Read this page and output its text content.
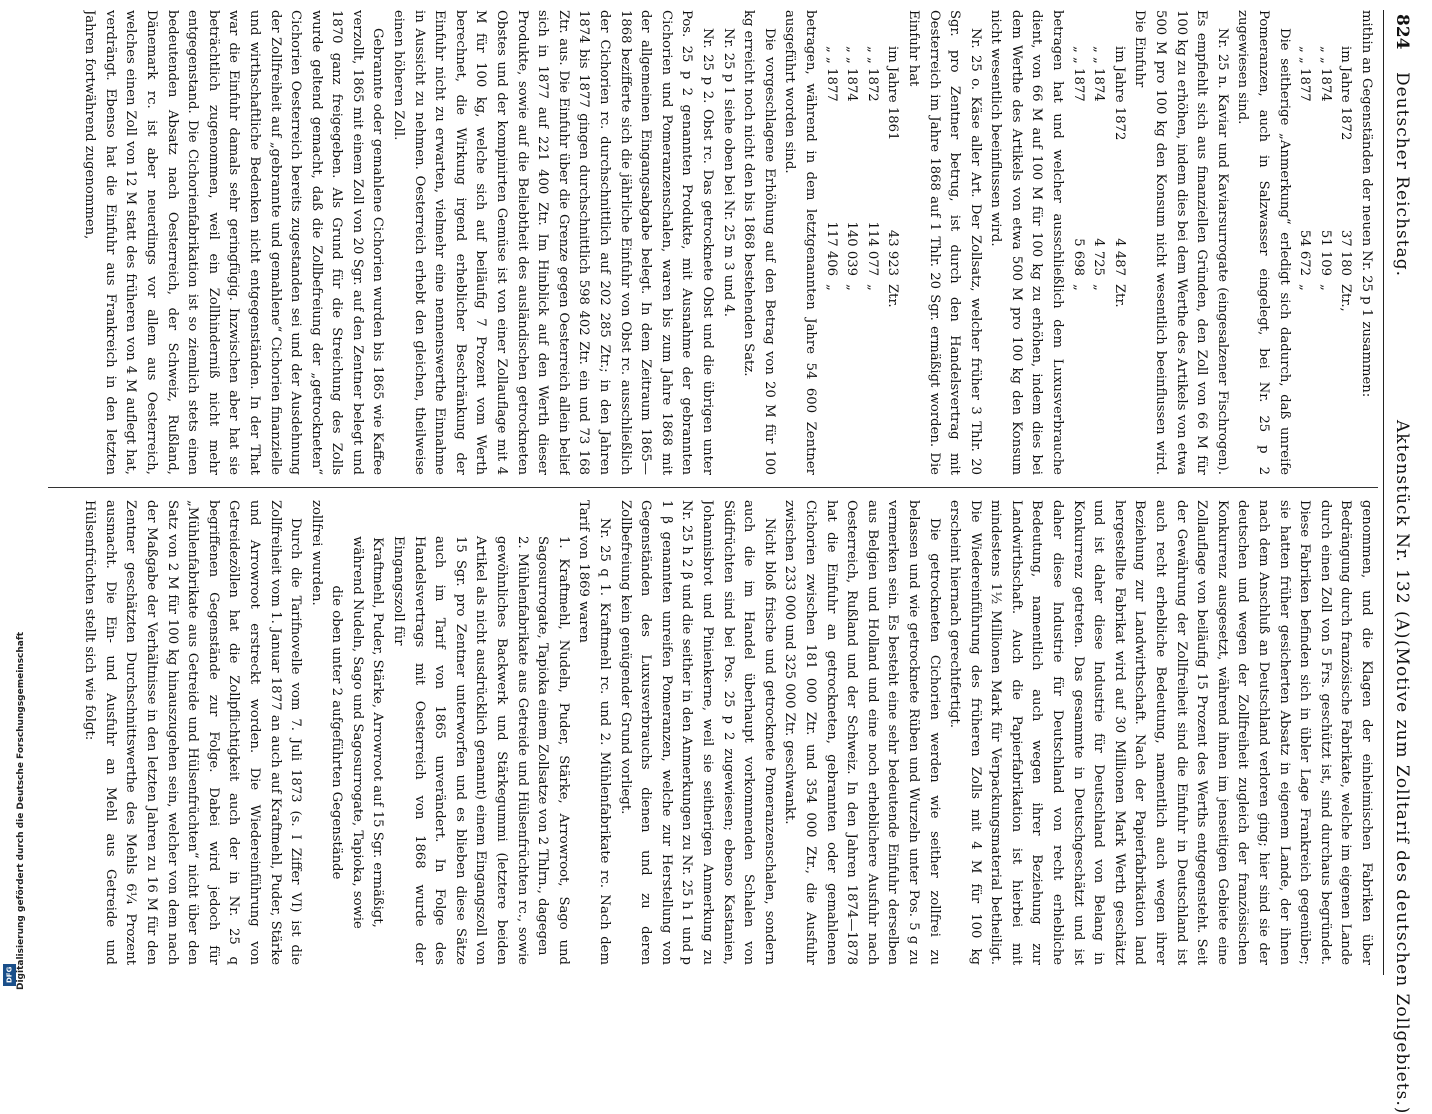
824
Deutscher Reichstag.
Aktenstück Nr. 132 (A).
(Motive zum Zolltarif des deutschen Zollgebiets.)

mithin an Gegenständen der neuen Nr. 25 p 1 zusammen:

im Jahre 1872
37 180
Ztr.,
„ „ 1874
51 109
„
„ „ 1877
54 672
„

Die seitherige „Anmerkung“ erledigt sich dadurch, daß unreife Pomeranzen, auch in Salzwasser eingelegt, bei Nr. 25 p 2 zugewiesen sind.

Nr. 25 n. Kaviar und Kaviarsurrogate (eingesalzener Fischrogen). Es empfiehlt sich aus finanziellen Gründen, den Zoll von 66 M für 100 kg zu erhöhen, indem dies bei dem Werthe des Artikels von etwa 500 M pro 100 kg den Konsum nicht wesentlich beeinflussen wird. Die Einfuhr

im Jahre 1872
4 487
Ztr.
„ „ 1874
4 725
„
„ „ 1877
5 698
„

betragen hat und welcher ausschließlich dem Luxusverbrauche dient, von 66 M auf 100 M für 100 kg zu erhöhen, indem dies bei dem Werthe des Artikels von etwa 500 M pro 100 kg den Konsum nicht wesentlich beeinflussen wird.

Nr. 25 o. Käse aller Art. Der Zollsatz, welcher früher 3 Thlr. 20 Sgr. pro Zentner betrug, ist durch den Handelsvertrag mit Oesterreich im Jahre 1868 auf 1 Thlr. 20 Sgr. ermäßigt worden. Die Einfuhr hat

im Jahre 1861
43 923
Ztr.
„ „ 1872
114 077
„
„ „ 1874
140 039
„
„ „ 1877
117 406
„

betragen, während in dem letztgenannten Jahre 54 600 Zentner ausgeführt worden sind.

Die vorgeschlagene Erhöhung auf den Betrag von 20 M für 100 kg erreicht noch nicht den bis 1868 bestehenden Satz.

Nr. 25 p 1 siehe oben bei Nr. 25 m 3 und 4.

Nr. 25 p 2. Obst rc. Das getrocknete Obst und die übrigen unter Pos. 25 p 2 genannten Produkte, mit Ausnahme der gebrannten Cichorien und Pomeranzenschalen, waren bis zum Jahre 1868 mit der allgemeinen Eingangsabgabe belegt. In dem Zeitraum 1865—1868 bezifferte sich die jährliche Einfuhr von Obst rc. ausschließlich der Cichorien rc. durchschnittlich auf 202 285 Ztr.; in den Jahren 1874 bis 1877 gingen durchschnittlich 598 402 Ztr. ein und 73 168 Ztr. aus. Die Einfuhr über die Grenze gegen Oesterreich allein belief sich in 1877 auf 221 400 Ztr. Im Hinblick auf den Werth dieser Produkte, sowie auf die Beliebtheit des ausländischen getrockneten Obstes und der kompinirten Gemüse ist von einer Zollauflage mit 4 M für 100 kg, welche sich auf beiläufig 7 Prozent vom Werth berechnet, die Wirkung irgend erheblicher Beschränkung der Einfuhr nicht zu erwarten, vielmehr eine nennenswerthe Einnahme in Aussicht zu nehmen. Oesterreich erhebt den gleichen, theilweise einen höheren Zoll.

Gebrannte oder gemahlene Cichorien wurden bis 1865 wie Kaffee verzollt, 1865 mit einem Zoll von 20 Sgr. auf den Zentner belegt und 1870 ganz freigegeben. Als Grund für die Streichung des Zolls wurde geltend gemacht, daß die Zollbefreiung der „getrockneten“ Cichorien Oesterreich bereits zugestanden sei und der Ausdehnung der Zollfreiheit auf „gebrannte und gemahlene“ Cichorien finanzielle und wirthschaftliche Bedenken nicht entgegenständen. In der That war die Einfuhr damals sehr geringfügig. Inzwischen aber hat sie beträchtlich zugenommen, weil ein Zollhinderniß nicht mehr entgegenstand. Die Cichorienfabrikation ist so ziemlich stets einen bedeutenden Absatz nach Oesterreich, der Schweiz, Rußland, Dänemark rc. ist aber neuerdings vor allem aus Oesterreich, welches einen Zoll von 12 M statt des früheren von 4 M auflegt hat, verdrängt. Ebenso hat die Einfuhr aus Frankreich in den letzten Jahren fortwährend zugenommen,

genommen, und die Klagen der einheimischen Fabriken über Bedrängung durch französische Fabrikate, welche im eigenen Lande durch einen Zoll von 5 Frs. geschützt ist, sind durchaus begründet. Diese Fabriken befinden sich in übler Lage Frankreich gegenüber; sie hatten früher gesicherten Absatz in eigenem Lande, der ihnen nach dem Anschluß an Deutschland verloren ging; hier sind sie der deutschen und wegen der Zollfreiheit zugleich der französischen Konkurrenz ausgesetzt, während ihnen im jenseitigen Gebiete eine Zollauflage von beiläufig 15 Prozent des Werths entgegensteht. Seit der Gewährung der Zollfreiheit sind die Einfuhr in Deutschland ist auch recht erhebliche Bedeutung, namentlich auch wegen ihrer Beziehung zur Landwirthschaft. Nach der Papierfabrikation land hergestellte Fabrikat wird auf 30 Millionen Mark Werth geschätzt und ist daher diese Industrie für Deutschland von Belang in Konkurrenz getreten. Das gesammte in Deutschgeschätzt und ist daher diese Industrie für Deutschland von recht erhebliche Bedeutung, namentlich auch wegen ihrer Beziehung zur Landwirthschaft. Auch die Papierfabrikation ist hierbei mit mindestens 1½ Millionen Mark für Verpackungsmaterial betheiligt. Die Wiedereinführung des früheren Zolls mit 4 M für 100 kg erscheint hiernach gerechtfertigt.

Die getrockneten Cichorien werden wie seither zollfrei zu belassen und wie getrocknete Rüben und Wurzeln unter Pos. 5 g zu vermerken sein. Es besteht eine sehr bedeutende Einfuhr derselben aus Belgien und Holland und eine noch erheblichere Ausfuhr nach Oesterreich, Rußland und der Schweiz. In den Jahren 1874—1878 hat die Einfuhr an getrockneten, gebrannten oder gemahlenen Cichorien zwischen 181 000 Ztr. und 354 000 Ztr., die Ausfuhr zwischen 233 000 und 325 000 Ztr. geschwankt.

Nicht bloß frische und getrocknete Pomeranzenschalen, sondern auch die im Handel überhaupt vorkommenden Schalen von Südfrüchten sind bei Pos. 25 p 2 zugewiesen; ebenso Kastanien, Johannisbrot und Pinienkerne, weil sie seitherigen Anmerkung zu Nr. 25 h 2 β und die seither in den Anmerkungen zu Nr. 25 h 1 und p 1 β genannten unreifen Pomeranzen, welche zur Herstellung von Gegenständen des Luxusverbrauchs dienen und zu deren Zollbefreiung kein genügender Grund vorliegt.

Nr. 25 q 1. Kraftmehl rc. und 2. Mühlenfabrikate rc. Nach dem Tarif von 1869 waren

1. Kraftmehl, Nudeln, Puder, Stärke, Arrowroot, Sago und Sagosurrogate, Tapioka einem Zollsatze von 2 Thlrn., dagegen

2. Mühlenfabrikate aus Getreide und Hülsenfrüchten rc., sowie gewöhnliches Backwerk und Stärkegummi (letztere beiden Artikel als nicht ausdrücklich genannt) einem Eingangszoll von 15 Sgr. pro Zentner unterworfen und es blieben diese Sätze auch im Tarif von 1865 unverändert. In Folge des Handelsvertrags mit Oesterreich von 1868 wurde der Eingangszoll für

Kraftmehl, Puder, Stärke, Arrowroot auf 15 Sgr. ermäßigt,

während Nudeln, Sago und Sagosurrogate, Tapioka, sowie

die oben unter 2 aufgeführten Gegenstände

zollfrei wurden.

Durch die Tarifnovelle vom 7. Juli 1873 (s. I Ziffer VI) ist die Zollfreiheit vom 1. Januar 1877 an auch auf Kraftmehl, Puder, Stärke und Arrowroot erstreckt worden. Die Wiedereinführung von Getreidezöllen hat die Zollpflichtigkeit auch der in Nr. 25 q begriffenen Gegenstände zur Folge. Dabei wird jedoch für „Mühlenfabrikate aus Getreide und Hülsenfrüchten“ nicht über den Satz von 2 M für 100 kg hinauszugehen sein, welcher von dem nach der Maßgabe der Verhältnisse in den letzten Jahren zu 16 M für den Zentner geschätzten Durchschnittswerthe des Mehls 6¼ Prozent ausmacht. Die Ein- und Ausfuhr an Mehl aus Getreide und Hülsenfrüchten stellt sich wie folgt:

Digitalisierung gefördert durch die Deutsche Forschungsgemeinschaft
DFG
